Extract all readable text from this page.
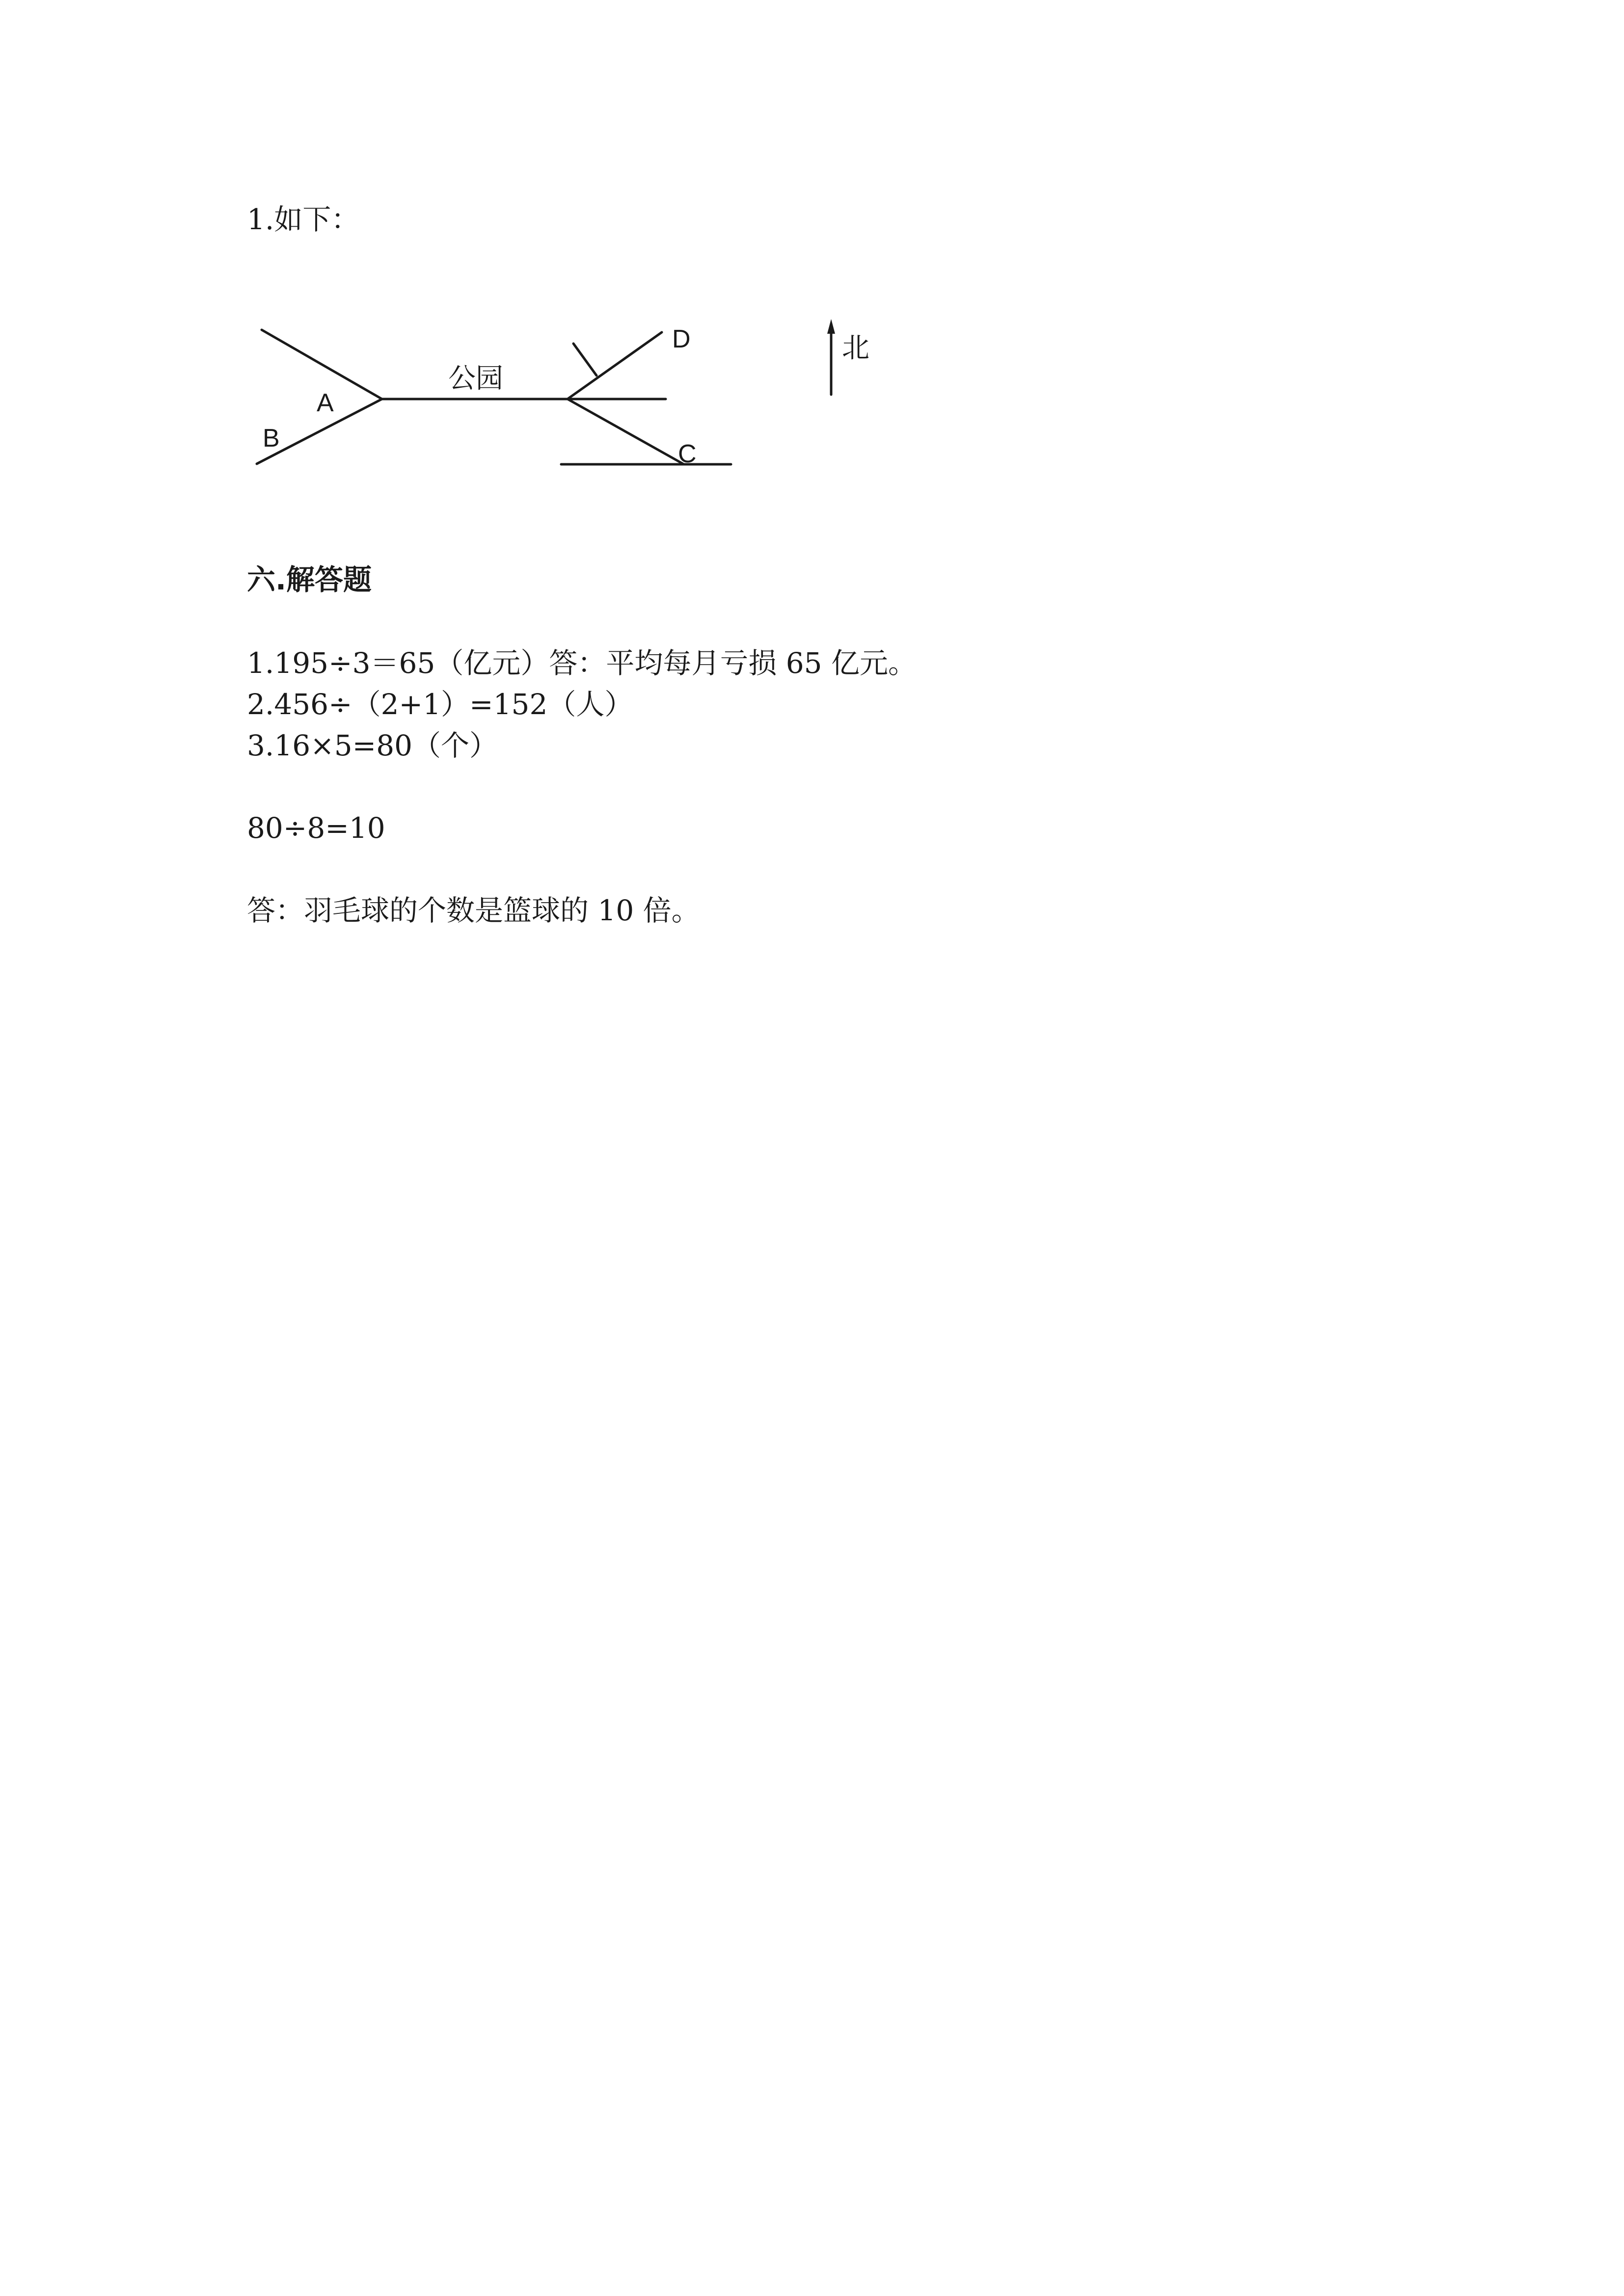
1.如下：
A
B
C
D
公园
北
六.解答题
1.195÷3＝65（亿元）答：平均每月亏损 65 亿元。
2.456÷（2+1）=152（人）
3.16×5=80（个）
80÷8=10
答：羽毛球的个数是篮球的 10 倍。
